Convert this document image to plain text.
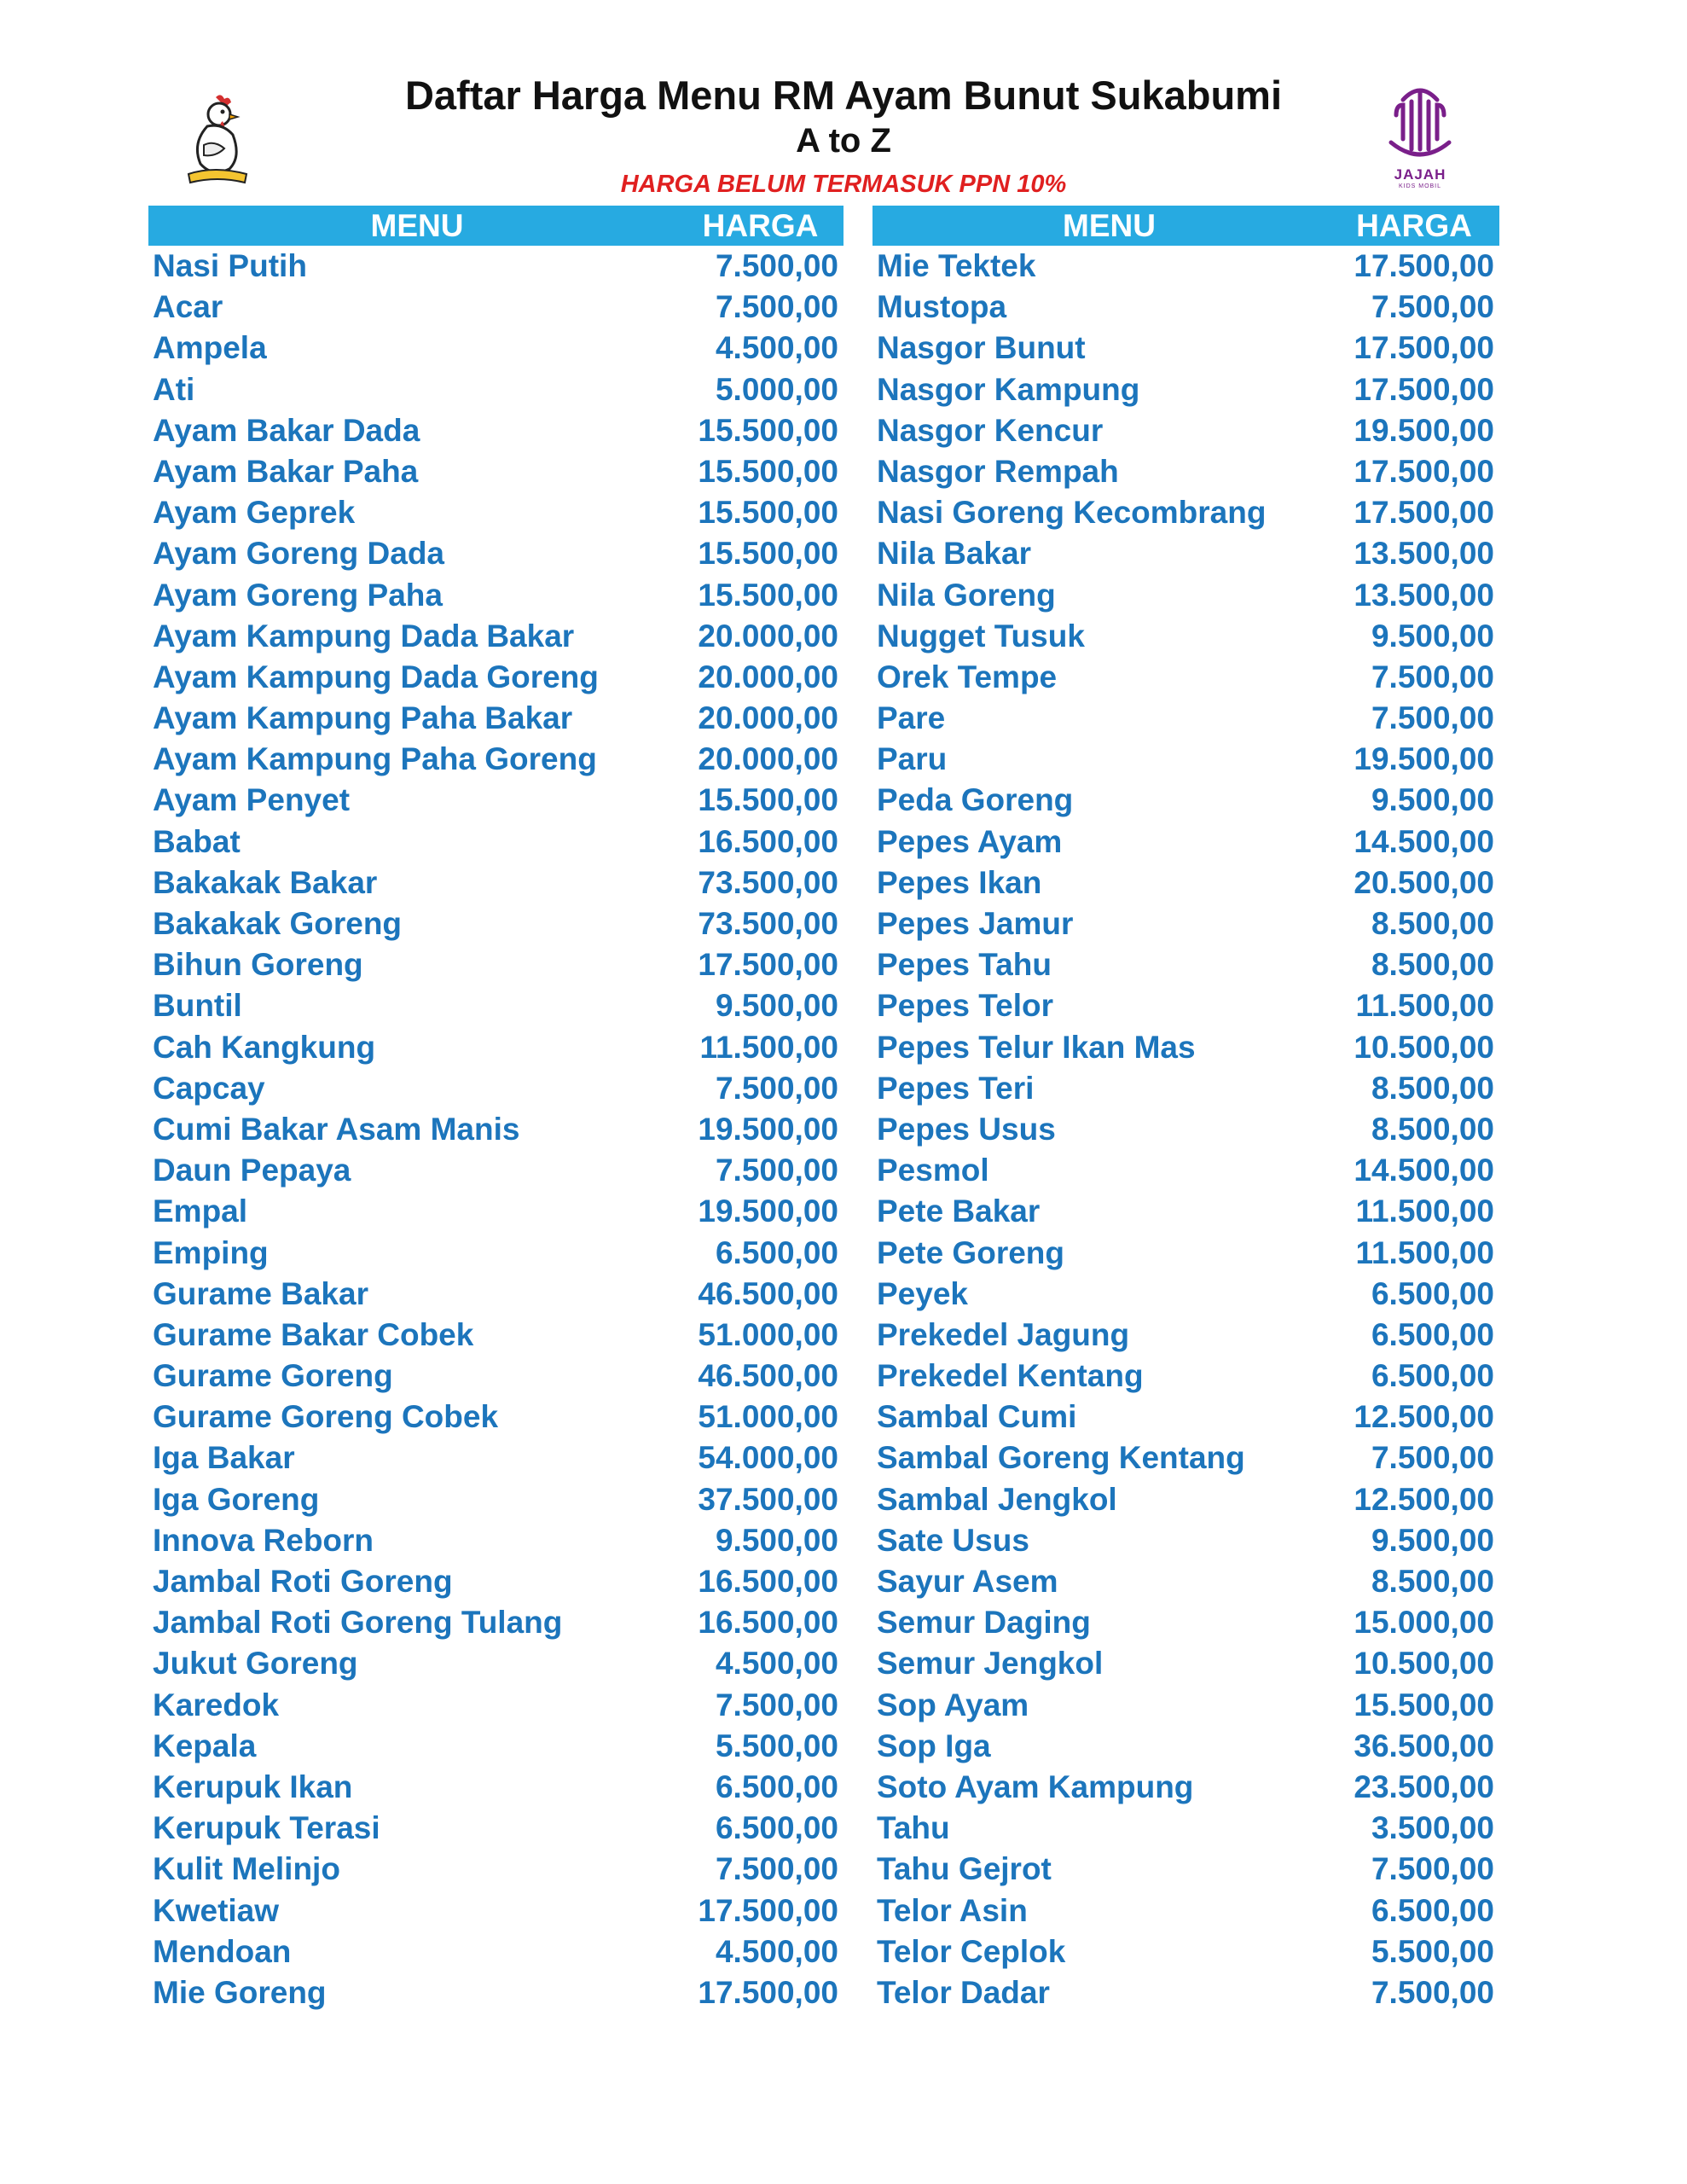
Daftar Harga Menu RM Ayam Bunut Sukabumi
A to Z
HARGA BELUM TERMASUK PPN 10%	JAJAH
KIDS MOBIL
MENU	HARGA
Nasi Putih	7.500,00
Acar	7.500,00
Ampela	4.500,00
Ati	5.000,00
Ayam Bakar Dada	15.500,00
Ayam Bakar Paha	15.500,00
Ayam Geprek	15.500,00
Ayam Goreng Dada	15.500,00
Ayam Goreng Paha	15.500,00
Ayam Kampung Dada Bakar	20.000,00
Ayam Kampung Dada Goreng	20.000,00
Ayam Kampung Paha Bakar	20.000,00
Ayam Kampung Paha Goreng	20.000,00
Ayam Penyet	15.500,00
Babat	16.500,00
Bakakak Bakar	73.500,00
Bakakak Goreng	73.500,00
Bihun Goreng	17.500,00
Buntil	9.500,00
Cah Kangkung	11.500,00
Capcay	7.500,00
Cumi Bakar Asam Manis	19.500,00
Daun Pepaya	7.500,00
Empal	19.500,00
Emping	6.500,00
Gurame Bakar	46.500,00
Gurame Bakar Cobek	51.000,00
Gurame Goreng	46.500,00
Gurame Goreng Cobek	51.000,00
Iga Bakar	54.000,00
Iga Goreng	37.500,00
Innova Reborn	9.500,00
Jambal Roti Goreng	16.500,00
Jambal Roti Goreng Tulang	16.500,00
Jukut Goreng	4.500,00
Karedok	7.500,00
Kepala	5.500,00
Kerupuk Ikan	6.500,00
Kerupuk Terasi	6.500,00
Kulit Melinjo	7.500,00
Kwetiaw	17.500,00
Mendoan	4.500,00
Mie Goreng	17.500,00
MENU	HARGA
Mie Tektek	17.500,00
Mustopa	7.500,00
Nasgor Bunut	17.500,00
Nasgor Kampung	17.500,00
Nasgor Kencur	19.500,00
Nasgor Rempah	17.500,00
Nasi Goreng Kecombrang	17.500,00
Nila Bakar	13.500,00
Nila Goreng	13.500,00
Nugget Tusuk	9.500,00
Orek Tempe	7.500,00
Pare	7.500,00
Paru	19.500,00
Peda Goreng	9.500,00
Pepes Ayam	14.500,00
Pepes Ikan	20.500,00
Pepes Jamur	8.500,00
Pepes Tahu	8.500,00
Pepes Telor	11.500,00
Pepes Telur Ikan Mas	10.500,00
Pepes Teri	8.500,00
Pepes Usus	8.500,00
Pesmol	14.500,00
Pete Bakar	11.500,00
Pete Goreng	11.500,00
Peyek	6.500,00
Prekedel Jagung	6.500,00
Prekedel Kentang	6.500,00
Sambal Cumi	12.500,00
Sambal Goreng Kentang	7.500,00
Sambal Jengkol	12.500,00
Sate Usus	9.500,00
Sayur Asem	8.500,00
Semur Daging	15.000,00
Semur Jengkol	10.500,00
Sop Ayam	15.500,00
Sop Iga	36.500,00
Soto Ayam Kampung	23.500,00
Tahu	3.500,00
Tahu Gejrot	7.500,00
Telor Asin	6.500,00
Telor Ceplok	5.500,00
Telor Dadar	7.500,00
